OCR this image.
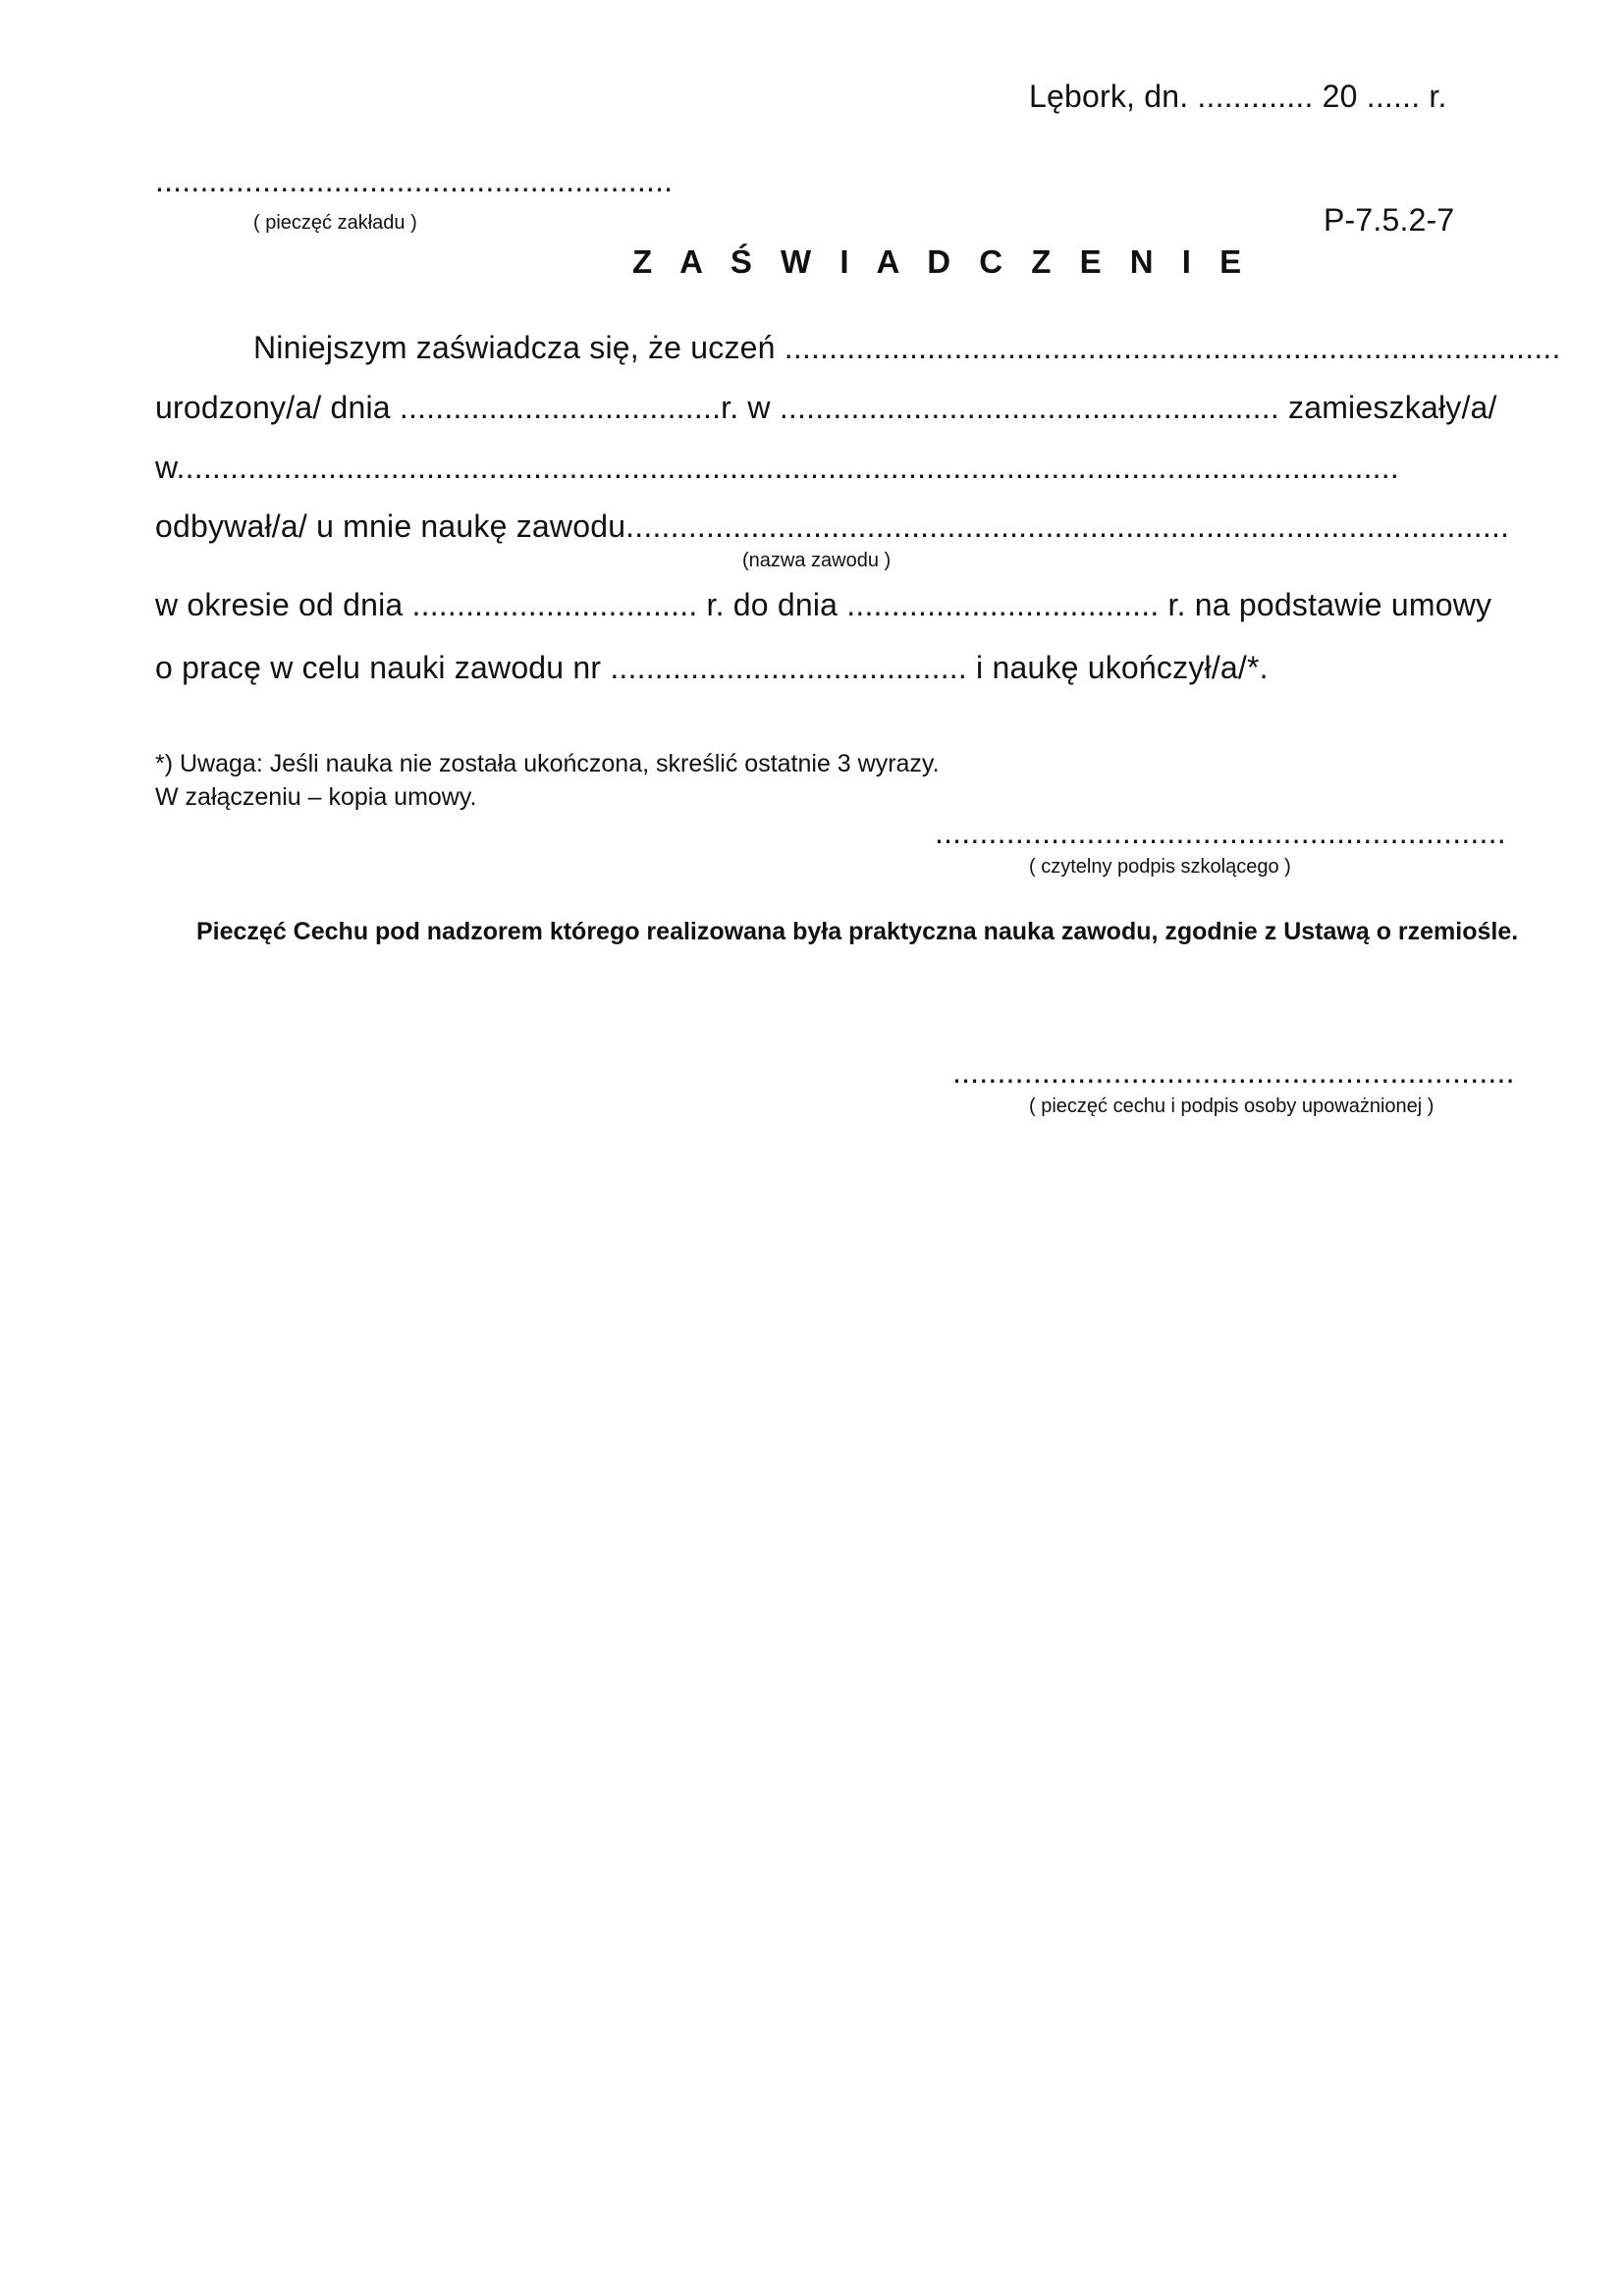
Lębork, dn. ............. 20 ...... r.
..........................................................
( pieczęć zakładu )	P-7.5.2-7
Z A Ś W I A D C Z E N I E
Niniejszym zaświadcza się, że uczeń .......................................................................................
urodzony/a/ dnia ....................................r. w ........................................................ zamieszkały/a/
w.........................................................................................................................................
odbywał/a/ u mnie naukę zawodu...................................................................................................
(nazwa zawodu )
w okresie od dnia ................................ r. do dnia ................................... r. na podstawie umowy
o pracę w celu nauki zawodu nr ........................................ i naukę ukończył/a/*.
*) Uwaga: Jeśli nauka nie została ukończona, skreślić ostatnie 3 wyrazy.
W załączeniu – kopia umowy.
................................................................
( czytelny podpis szkolącego )
Pieczęć Cechu pod nadzorem którego realizowana była praktyczna nauka zawodu, zgodnie z Ustawą o rzemiośle.
...............................................................
( pieczęć cechu i podpis osoby upoważnionej )
